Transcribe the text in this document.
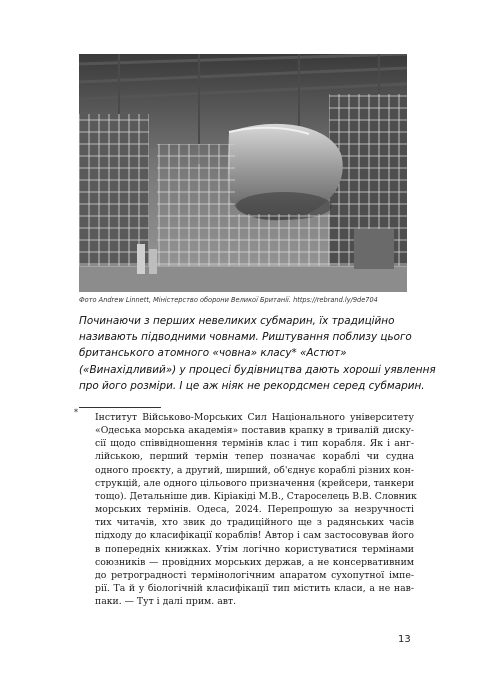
Фото Andrew Linnett, Міністерство оборони Великої Британії. https://rebrand.ly/9de704

Починаючи з перших невеликих субмарин, їх традиційно
називають підводними човнами. Риштування поблизу цього
британського атомного «човна» класу* «Астют»
(«Винахідливий») у процесі будівництва дають хороші уявлення
про його розміри. І це аж ніяк не рекордсмен серед субмарин.

* Інститут Військово-Морських Сил Національного університету
«Одеська морська академія» поставив крапку в тривалій диску-
сії щодо співвідношення термінів клас і тип корабля. Як і анг-
лійською, перший термін тепер позначає кораблі чи судна
одного проєкту, а другий, ширший, об'єднує кораблі різних кон-
струкцій, але одного цільового призначення (крейсери, танкери
тощо). Детальніше див. Кіріакіді М.В., Старoселець В.В. Словник
морських термінів. Одеса, 2024. Перепрошую за незручності
тих читачів, хто звик до традиційного ще з радянських часів
підходу до класифікації кораблів! Автор і сам застосовував його
в попередніх книжках. Утім логічно користуватися термінами
союзників — провідних морських держав, а не консервативним
до ретроградності термінологічним апаратом сухопутної імпе-
рії. Та й у біологічній класифікації тип містить класи, а не нав-
паки. — Тут і далі прим. авт.

13
